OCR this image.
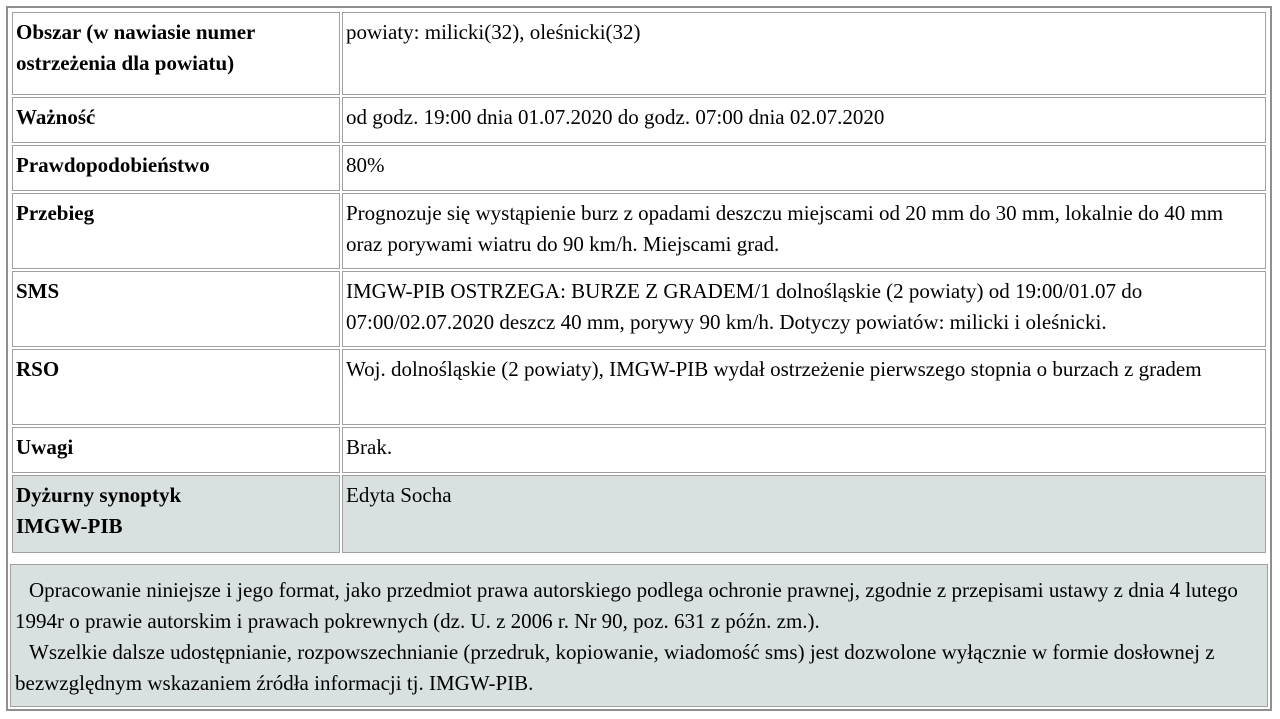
Obszar (w nawiasie numer ostrzeżenia dla powiatu)	powiaty: milicki(32), oleśnicki(32)
Ważność	od godz. 19:00 dnia 01.07.2020 do godz. 07:00 dnia 02.07.2020
Prawdopodobieństwo	80%
Przebieg	Prognozuje się wystąpienie burz z opadami deszczu miejscami od 20 mm do 30 mm, lokalnie do 40 mm oraz porywami wiatru do 90 km/h. Miejscami grad.
SMS	IMGW-PIB OSTRZEGA: BURZE Z GRADEM/1 dolnośląskie (2 powiaty) od 19:00/01.07 do 07:00/02.07.2020 deszcz 40 mm, porywy 90 km/h. Dotyczy powiatów: milicki i oleśnicki.
RSO	Woj. dolnośląskie (2 powiaty), IMGW-PIB wydał ostrzeżenie pierwszego stopnia o burzach z gradem
Uwagi	Brak.
Dyżurny synoptyk IMGW-PIB	Edyta Socha

Opracowanie niniejsze i jego format, jako przedmiot prawa autorskiego podlega ochronie prawnej, zgodnie z przepisami ustawy z dnia 4 lutego 1994r o prawie autorskim i prawach pokrewnych (dz. U. z 2006 r. Nr 90, poz. 631 z późn. zm.).

Wszelkie dalsze udostępnianie, rozpowszechnianie (przedruk, kopiowanie, wiadomość sms) jest dozwolone wyłącznie w formie dosłownej z bezwzględnym wskazaniem źródła informacji tj. IMGW-PIB.
